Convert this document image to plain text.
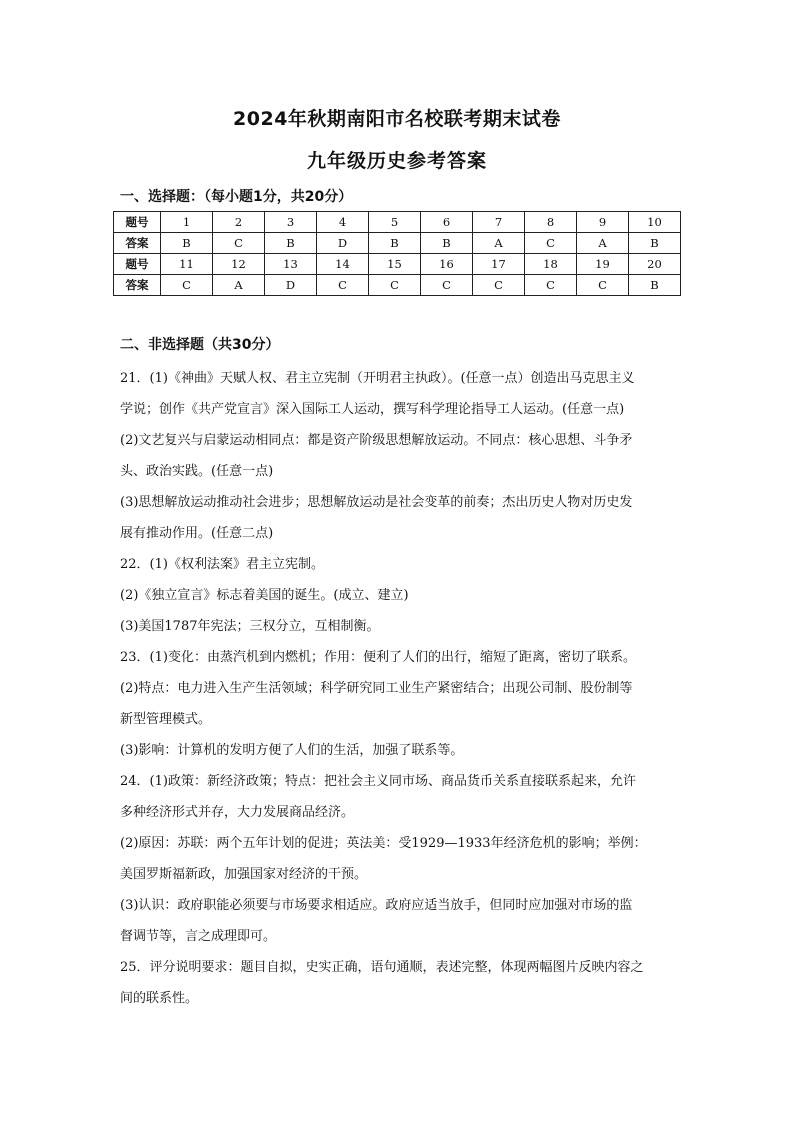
2024年秋期南阳市名校联考期末试卷
九年级历史参考答案
一、选择题：（每小题1分，共20分）
题号	1	2	3	4	5	6	7	8	9	10
答案	B	C	B	D	B	B	A	C	A	B
题号	11	12	13	14	15	16	17	18	19	20
答案	C	A	D	C	C	C	C	C	C	B
二、非选择题（共30分）

21．(1)《神曲》天赋人权、君主立宪制（开明君主执政）。(任意一点）创造出马克思主义

学说；创作《共产党宣言》深入国际工人运动，撰写科学理论指导工人运动。(任意一点)

(2)文艺复兴与启蒙运动相同点：都是资产阶级思想解放运动。不同点：核心思想、斗争矛

头、政治实践。(任意一点)

(3)思想解放运动推动社会进步；思想解放运动是社会变革的前奏；杰出历史人物对历史发

展有推动作用。(任意二点)

22．(1)《权利法案》君主立宪制。

(2)《独立宣言》标志着美国的诞生。(成立、建立)

(3)美国1787年宪法；三权分立，互相制衡。

23．(1)变化：由蒸汽机到内燃机；作用：便利了人们的出行，缩短了距离，密切了联系。

(2)特点：电力进入生产生活领域；科学研究同工业生产紧密结合；出现公司制、股份制等

新型管理模式。

(3)影响：计算机的发明方便了人们的生活，加强了联系等。

24．(1)政策：新经济政策；特点：把社会主义同市场、商品货币关系直接联系起来，允许

多种经济形式并存，大力发展商品经济。

(2)原因：苏联：两个五年计划的促进；英法美：受1929—1933年经济危机的影响；举例：

美国罗斯福新政，加强国家对经济的干预。

(3)认识：政府职能必须要与市场要求相适应。政府应适当放手，但同时应加强对市场的监

督调节等，言之成理即可。

25．评分说明要求：题目自拟，史实正确，语句通顺，表述完整，体现两幅图片反映内容之

间的联系性。
